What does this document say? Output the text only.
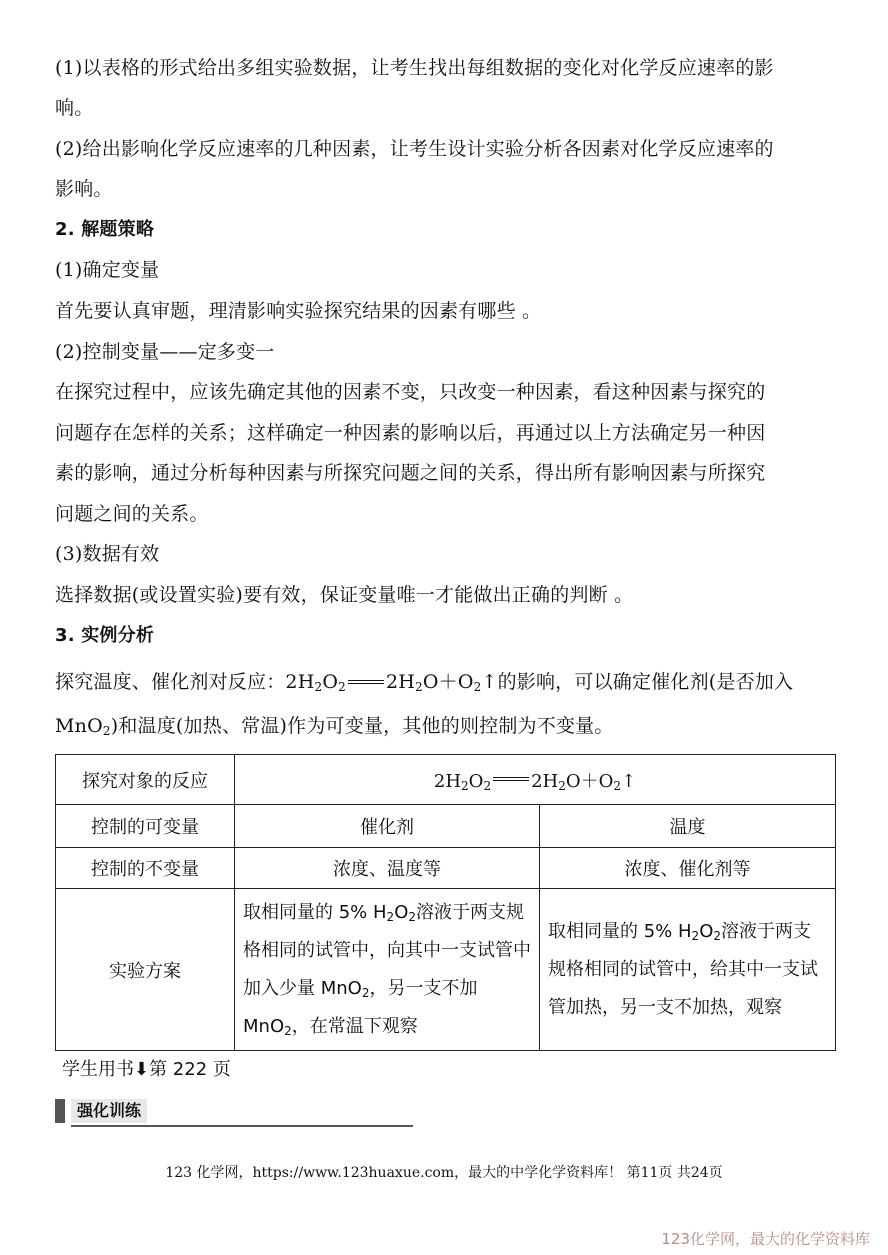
(1)以表格的形式给出多组实验数据，让考生找出每组数据的变化对化学反应速率的影
响。
(2)给出影响化学反应速率的几种因素，让考生设计实验分析各因素对化学反应速率的
影响。
2. 解题策略
(1)确定变量
首先要认真审题，理清影响实验探究结果的因素有哪些 。
(2)控制变量——定多变一
在探究过程中，应该先确定其他的因素不变，只改变一种因素，看这种因素与探究的
问题存在怎样的关系；这样确定一种因素的影响以后，再通过以上方法确定另一种因
素的影响，通过分析每种因素与所探究问题之间的关系，得出所有影响因素与所探究
问题之间的关系。
(3)数据有效
选择数据(或设置实验)要有效，保证变量唯一才能做出正确的判断 。
3. 实例分析
探究温度、催化剂对反应：$2H_2O_2$ $2H_2O+O_2↑$的影响，可以确定催化剂(是否加入
MnO$_2$)和温度(加热、常温)作为可变量，其他的则控制为不变量。
探究对象的反应	$2H_2O_2$ $2H_2O+O_2↑$	
控制的可变量	催化剂	温度
控制的不变量	浓度、温度等	浓度、催化剂等
实验方案	取相同量的 5% $H_2O_2$溶液于两支规格相同的试管中，向其中一支试管中加入少量 MnO$_2$，另一支不加 MnO$_2$，在常温下观察	取相同量的 5% $H_2O_2$溶液于两支规格相同的试管中，给其中一支试管加热，另一支不加热，观察
学生用书⬇第 222 页
强化训练
123 化学网，https://www.123huaxue.com，最大的中学化学资料库！ 第11页 共24页
123化学网，最大的化学资料库
